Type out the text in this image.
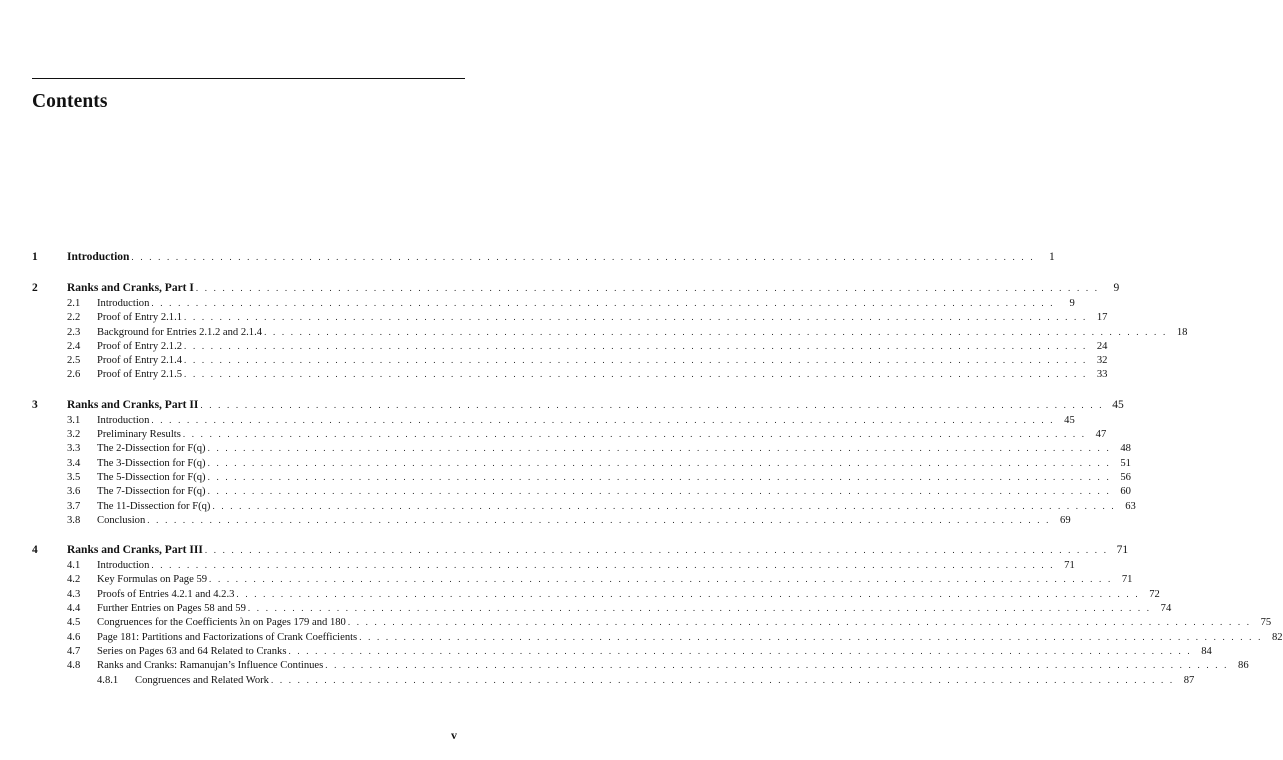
Contents
1	Introduction . . . . . . . . . . . . . . . . . . . . . . . . . . . . . . . . . . . . . . . . . . . . . . . . . . . . . . . . . . . . . . . . . . . . . . . . . . . . . . . . . . . . . . . . . . . . . . . . . . . . . .	1
2	Ranks and Cranks, Part I . . . . . . . . . . . . . . . . . . . . . . . . . . . . . . . . . . . . . . . . . . . . . . . . . . . . . . . . . . . . . . . . . . . . . . . . . . . . . . . . . . . . . . . . . . . . . . . . . . . . . .	9
2.1	Introduction . . . . . . . . . . . . . . . . . . . . . . . . . . . . . . . . . . . . . . . . . . . . . . . . . . . . . . . . . . . . . . . . . . . . . . . . . . . . . . . . . . . . . . . . . . . . . . . . . . . . . .	9
2.2	Proof of Entry 2.1.1 . . . . . . . . . . . . . . . . . . . . . . . . . . . . . . . . . . . . . . . . . . . . . . . . . . . . . . . . . . . . . . . . . . . . . . . . . . . . . . . . . . . . . . . . . . . . . . . . . . . . . . 17
2.3	Background for Entries 2.1.2 and 2.1.4 . . . . . . . . . . . . . . . . . . . . . . . . . . . . . . . . . . . . . . . . . . . . . . . . . . . . . . . . . . . . . . . . . . . . . . . . . . . . . . . . . . . . . . . . . . . . . . . . . . . . . . 18
2.4	Proof of Entry 2.1.2 . . . . . . . . . . . . . . . . . . . . . . . . . . . . . . . . . . . . . . . . . . . . . . . . . . . . . . . . . . . . . . . . . . . . . . . . . . . . . . . . . . . . . . . . . . . . . . . . . . . . . . 24
2.5	Proof of Entry 2.1.4 . . . . . . . . . . . . . . . . . . . . . . . . . . . . . . . . . . . . . . . . . . . . . . . . . . . . . . . . . . . . . . . . . . . . . . . . . . . . . . . . . . . . . . . . . . . . . . . . . . . . . . 32
2.6	Proof of Entry 2.1.5 . . . . . . . . . . . . . . . . . . . . . . . . . . . . . . . . . . . . . . . . . . . . . . . . . . . . . . . . . . . . . . . . . . . . . . . . . . . . . . . . . . . . . . . . . . . . . . . . . . . . . . 33
3	Ranks and Cranks, Part II . . . . . . . . . . . . . . . . . . . . . . . . . . . . . . . . . . . . . . . . . . . . . . . . . . . . . . . . . . . . . . . . . . . . . . . . . . . . . . . . . . . . . . . . . . . . . . . . . . . . . . 45
3.1	Introduction . . . . . . . . . . . . . . . . . . . . . . . . . . . . . . . . . . . . . . . . . . . . . . . . . . . . . . . . . . . . . . . . . . . . . . . . . . . . . . . . . . . . . . . . . . . . . . . . . . . . . . 45
3.2	Preliminary Results . . . . . . . . . . . . . . . . . . . . . . . . . . . . . . . . . . . . . . . . . . . . . . . . . . . . . . . . . . . . . . . . . . . . . . . . . . . . . . . . . . . . . . . . . . . . . . . . . . . . . . 47
3.3	The 2-Dissection for F(q) . . . . . . . . . . . . . . . . . . . . . . . . . . . . . . . . . . . . . . . . . . . . . . . . . . . . . . . . . . . . . . . . . . . . . . . . . . . . . . . . . . . . . . . . . . . . . . . . . . . . . . 48
3.4	The 3-Dissection for F(q) . . . . . . . . . . . . . . . . . . . . . . . . . . . . . . . . . . . . . . . . . . . . . . . . . . . . . . . . . . . . . . . . . . . . . . . . . . . . . . . . . . . . . . . . . . . . . . . . . . . . . . 51
3.5	The 5-Dissection for F(q) . . . . . . . . . . . . . . . . . . . . . . . . . . . . . . . . . . . . . . . . . . . . . . . . . . . . . . . . . . . . . . . . . . . . . . . . . . . . . . . . . . . . . . . . . . . . . . . . . . . . . . 56
3.6	The 7-Dissection for F(q) . . . . . . . . . . . . . . . . . . . . . . . . . . . . . . . . . . . . . . . . . . . . . . . . . . . . . . . . . . . . . . . . . . . . . . . . . . . . . . . . . . . . . . . . . . . . . . . . . . . . . . 60
3.7	The 11-Dissection for F(q) . . . . . . . . . . . . . . . . . . . . . . . . . . . . . . . . . . . . . . . . . . . . . . . . . . . . . . . . . . . . . . . . . . . . . . . . . . . . . . . . . . . . . . . . . . . . . . . . . . . . . . 63
3.8	Conclusion . . . . . . . . . . . . . . . . . . . . . . . . . . . . . . . . . . . . . . . . . . . . . . . . . . . . . . . . . . . . . . . . . . . . . . . . . . . . . . . . . . . . . . . . . . . . . . . . . . . . . . 69
4	Ranks and Cranks, Part III . . . . . . . . . . . . . . . . . . . . . . . . . . . . . . . . . . . . . . . . . . . . . . . . . . . . . . . . . . . . . . . . . . . . . . . . . . . . . . . . . . . . . . . . . . . . . . . . . . . . . . 71
4.1	Introduction . . . . . . . . . . . . . . . . . . . . . . . . . . . . . . . . . . . . . . . . . . . . . . . . . . . . . . . . . . . . . . . . . . . . . . . . . . . . . . . . . . . . . . . . . . . . . . . . . . . . . . 71
4.2	Key Formulas on Page 59 . . . . . . . . . . . . . . . . . . . . . . . . . . . . . . . . . . . . . . . . . . . . . . . . . . . . . . . . . . . . . . . . . . . . . . . . . . . . . . . . . . . . . . . . . . . . . . . . . . . . . . 71
4.3	Proofs of Entries 4.2.1 and 4.2.3 . . . . . . . . . . . . . . . . . . . . . . . . . . . . . . . . . . . . . . . . . . . . . . . . . . . . . . . . . . . . . . . . . . . . . . . . . . . . . . . . . . . . . . . . . . . . . . . . . . . . . . 72
4.4	Further Entries on Pages 58 and 59 . . . . . . . . . . . . . . . . . . . . . . . . . . . . . . . . . . . . . . . . . . . . . . . . . . . . . . . . . . . . . . . . . . . . . . . . . . . . . . . . . . . . . . . . . . . . . . . . . . . . . . 74
4.5	Congruences for the Coefficients λn on Pages 179 and 180 . . . . . . . . . . . . . . . . . . . . . . . . . . . . . . . . . . . . . . . . . . . . . . . . . . . . . . . . . . . . . . . . . . . . . . . . . . . . . . . . . . . . . . . . . . . . . . . . . . . . . . 75
4.6	Page 181: Partitions and Factorizations of Crank Coefficients . . . . . . . . . . . . . . . . . . . . . . . . . . . . . . . . . . . . . . . . . . . . . . . . . . . . . . . . . . . . . . . . . . . . . . . . . . . . . . . . . . . . . . . . . . . . . . . . . . . . . . 82
4.7	Series on Pages 63 and 64 Related to Cranks . . . . . . . . . . . . . . . . . . . . . . . . . . . . . . . . . . . . . . . . . . . . . . . . . . . . . . . . . . . . . . . . . . . . . . . . . . . . . . . . . . . . . . . . . . . . . . . . . . . . . . 84
4.8	Ranks and Cranks: Ramanujan’s Influence Continues . . . . . . . . . . . . . . . . . . . . . . . . . . . . . . . . . . . . . . . . . . . . . . . . . . . . . . . . . . . . . . . . . . . . . . . . . . . . . . . . . . . . . . . . . . . . . . . . . . . . . . 86
4.8.1	Congruences and Related Work . . . . . . . . . . . . . . . . . . . . . . . . . . . . . . . . . . . . . . . . . . . . . . . . . . . . . . . . . . . . . . . . . . . . . . . . . . . . . . . . . . . . . . . . . . . . . . . . . . . . . . 87
v
